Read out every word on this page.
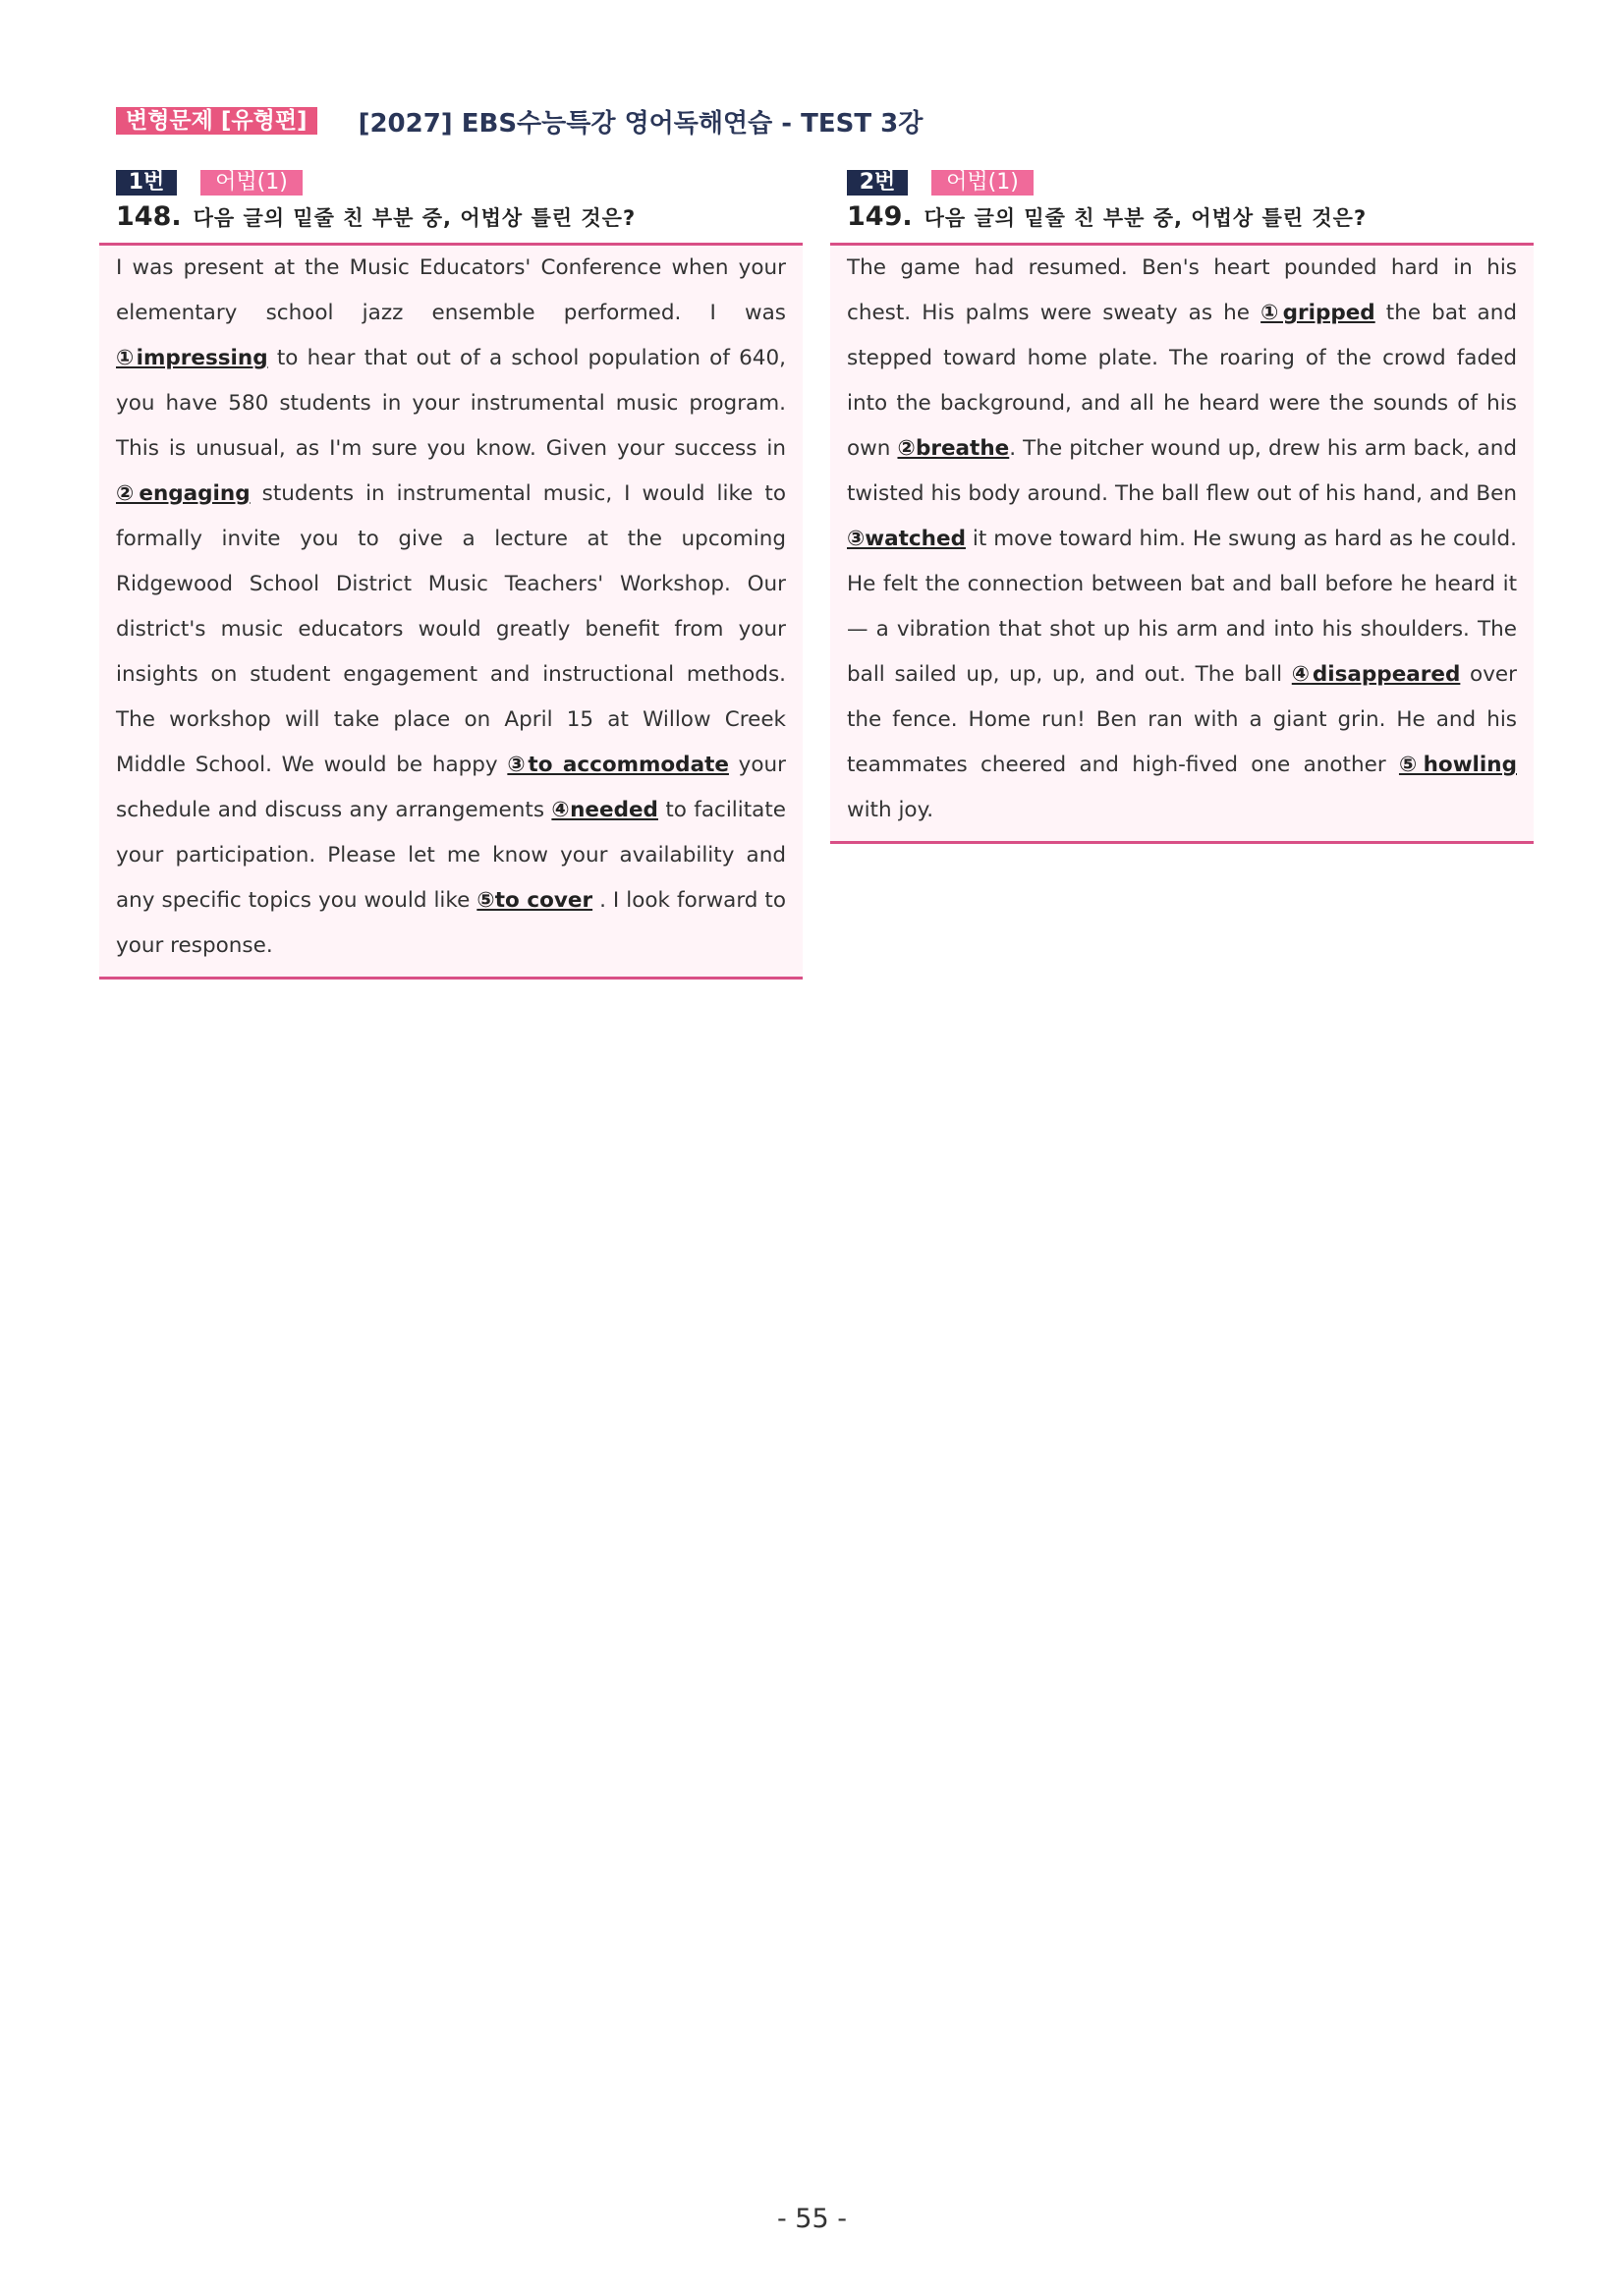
변형문제 [유형편]	[2027] EBS수능특강 영어독해연습 - TEST 3강
1번	어법(1)
148. 다음 글의 밑줄 친 부분 중, 어법상 틀린 것은?

I was present at the Music Educators' Conference when your elementary school jazz ensemble performed. I was ①impressing to hear that out of a school population of 640, you have 580 students in your instrumental music program. This is unusual, as I'm sure you know. Given your success in ②engaging students in instrumental music, I would like to formally invite you to give a lecture at the upcoming Ridgewood School District Music Teachers' Workshop. Our district's music educators would greatly benefit from your insights on student engagement and instructional methods. The workshop will take place on April 15 at Willow Creek Middle School. We would be happy ③to accommodate your schedule and discuss any arrangements ④needed to facilitate your participation. Please let me know your availability and any specific topics you would like ⑤to cover . I look forward to your response.

2번	어법(1)
149. 다음 글의 밑줄 친 부분 중, 어법상 틀린 것은?

The game had resumed. Ben's heart pounded hard in his chest. His palms were sweaty as he ①gripped the bat and stepped toward home plate. The roaring of the crowd faded into the background, and all he heard were the sounds of his own ②breathe. The pitcher wound up, drew his arm back, and twisted his body around. The ball flew out of his hand, and Ben ③watched it move toward him. He swung as hard as he could. He felt the connection between bat and ball before he heard it — a vibration that shot up his arm and into his shoulders. The ball sailed up, up, up, and out. The ball ④disappeared over the fence. Home run! Ben ran with a giant grin. He and his teammates cheered and high-fived one another ⑤howling with joy.

- 55 -
